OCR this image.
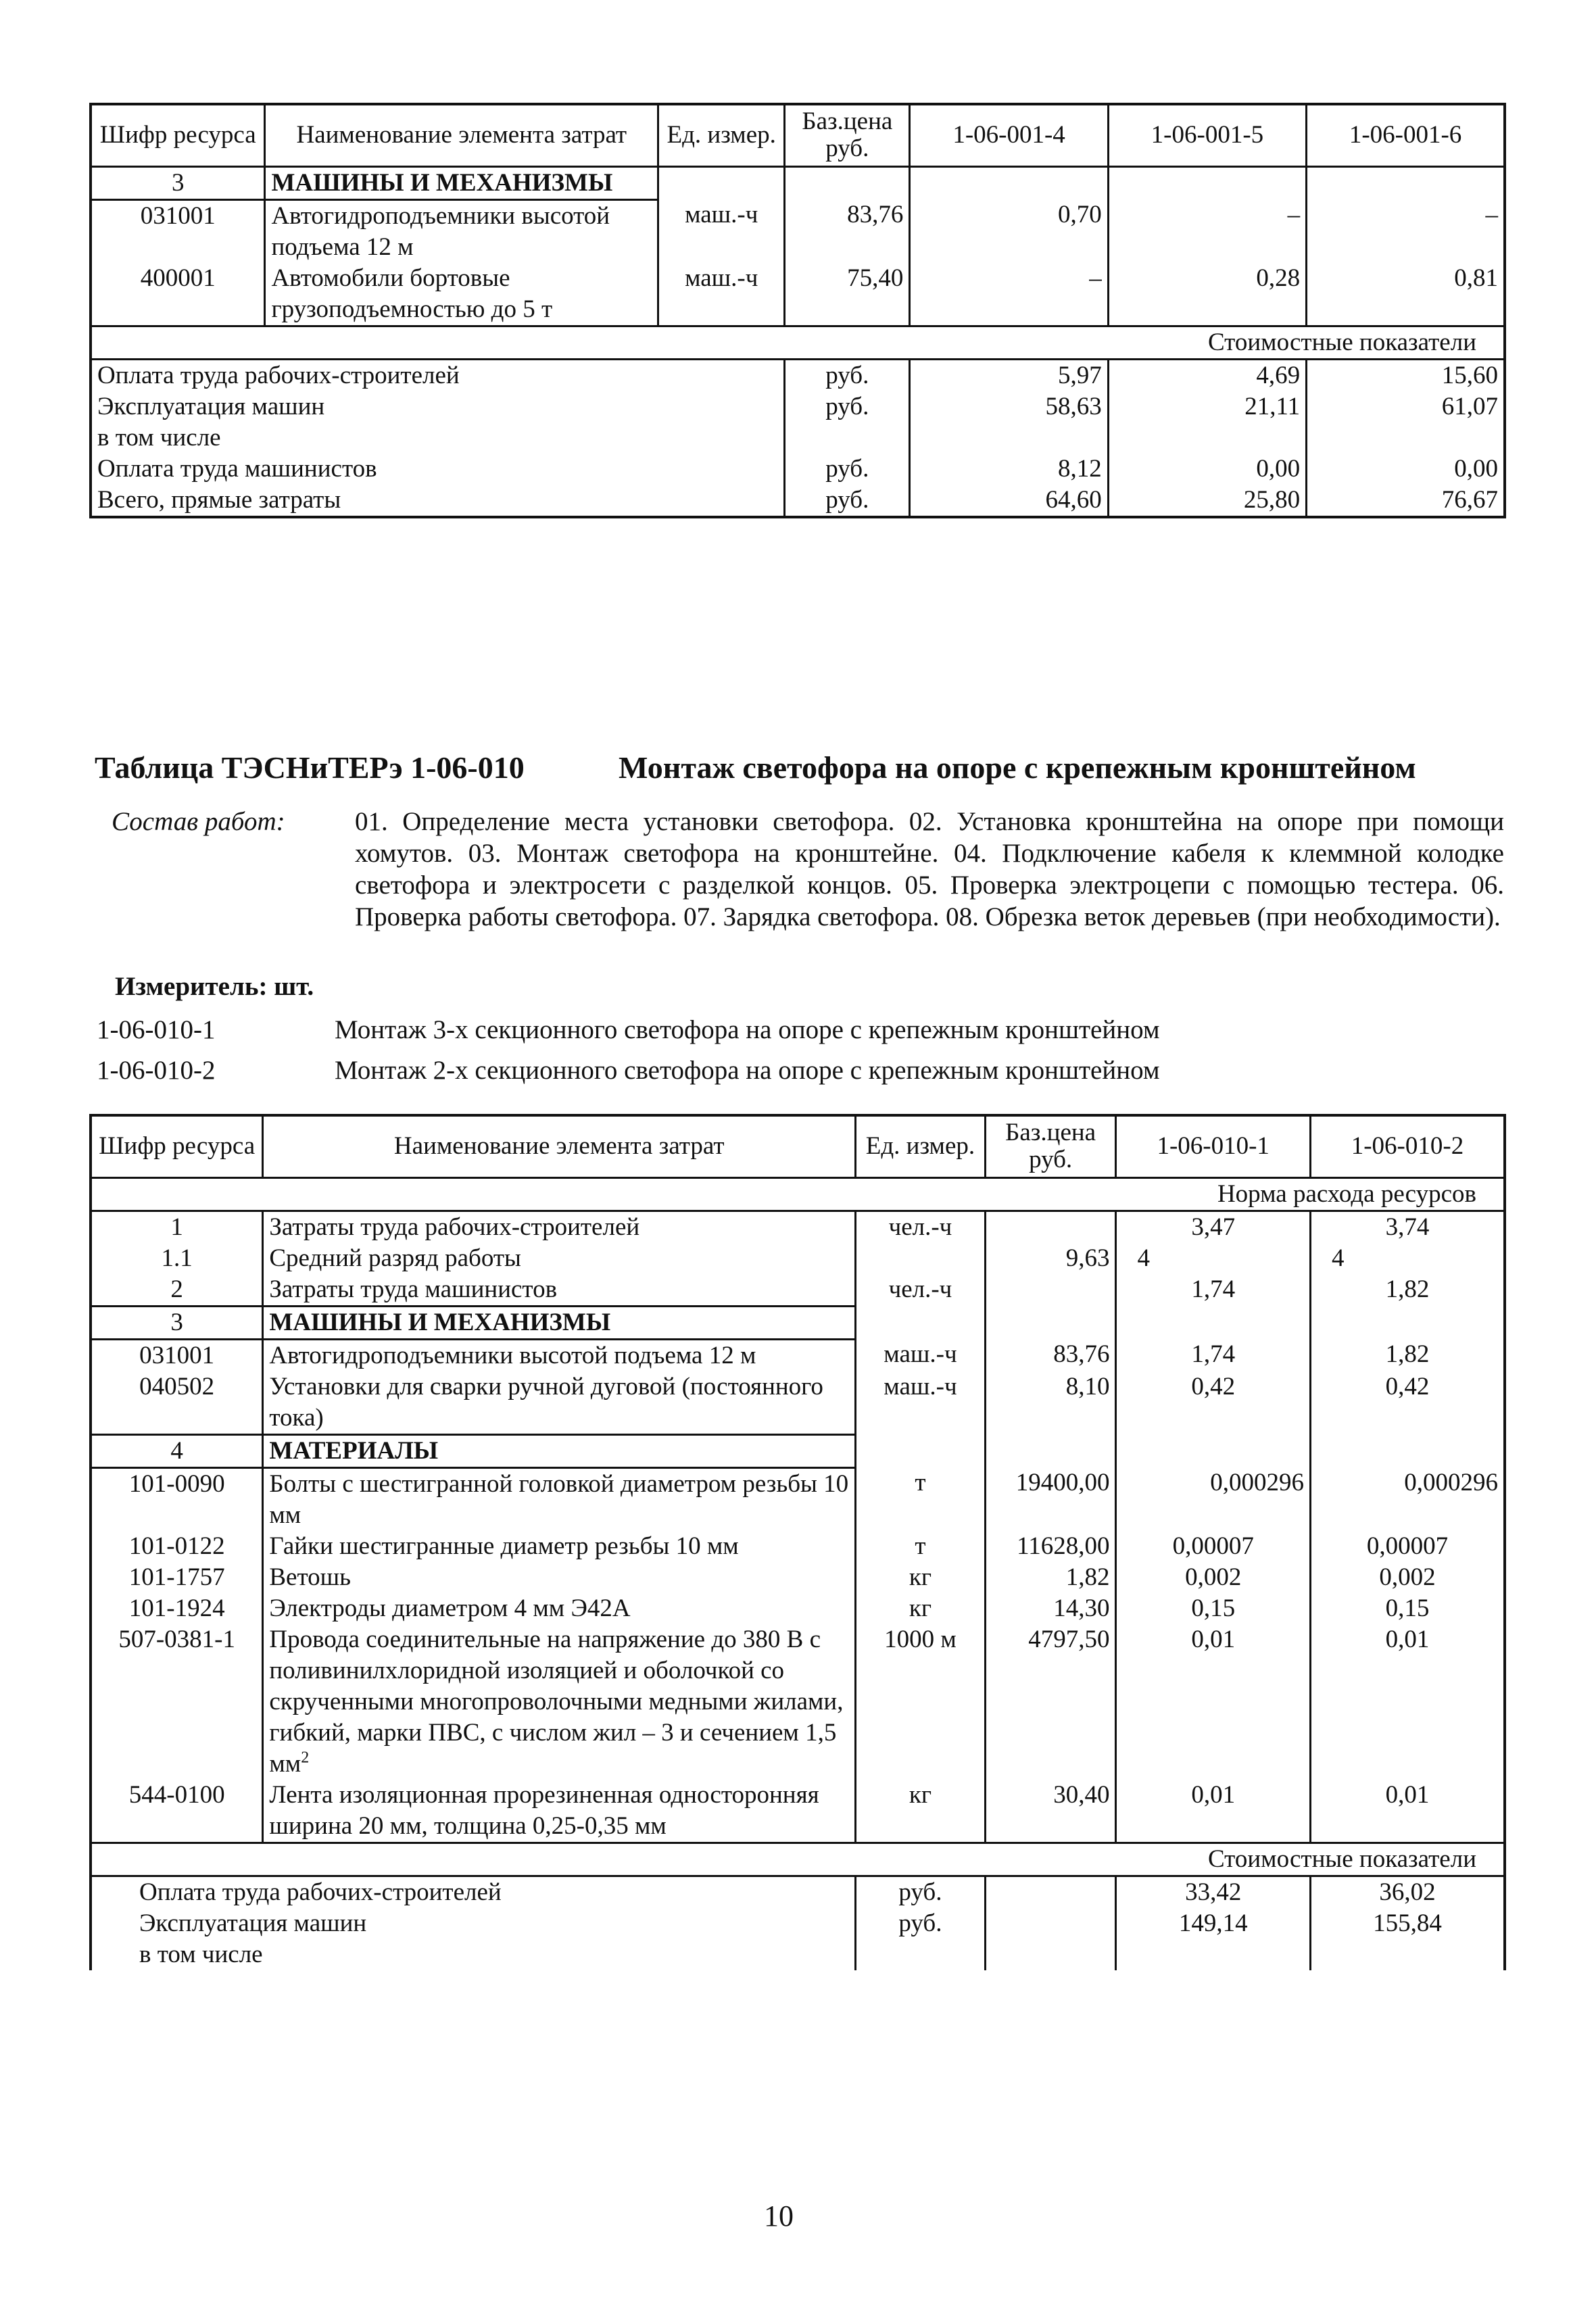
Шифр ресурса	Наименование элемента затрат	Ед. измер.	Баз.цена руб.	1-06-001-4	1-06-001-5	1-06-001-6
3	МАШИНЫ И МЕХАНИЗМЫ					
031001	Автогидроподъемники высотой подъема 12 м	маш.-ч	83,76	0,70	–	–
400001	Автомобили бортовые грузоподъемностью до 5 т	маш.-ч	75,40	–	0,28	0,81
Стоимостные показатели						
Оплата труда рабочих-строителей			руб.	5,97	4,69	15,60
Эксплуатация машин			руб.	58,63	21,11	61,07
в том числе						
Оплата труда машинистов			руб.	8,12	0,00	0,00
Всего, прямые затраты			руб.	64,60	25,80	76,67
Таблица ТЭСНиТЕРэ 1-06-010	Монтаж светофора на опоре с крепежным кронштейном
Состав работ:	01. Определение места установки светофора. 02. Установка кронштейна на опоре при помощи хомутов. 03. Монтаж светофора на кронштейне. 04. Подключение кабеля к клеммной колодке светофора и электросети с разделкой концов. 05. Проверка электроцепи с помощью тестера. 06. Проверка работы светофора. 07. Зарядка светофора. 08. Обрезка веток деревьев (при необходимости).
Измеритель: шт.
1-06-010-1	Монтаж 3-х секционного светофора на опоре с крепежным кронштейном
1-06-010-2	Монтаж 2-х секционного светофора на опоре с крепежным кронштейном
Шифр ресурса	Наименование элемента затрат	Ед. измер.	Баз.цена руб.	1-06-010-1	1-06-010-2
Норма расхода ресурсов					
1	Затраты труда рабочих-строителей	чел.-ч		3,47	3,74
1.1	Средний разряд работы		9,63	4	4
2	Затраты труда машинистов	чел.-ч		1,74	1,82
3	МАШИНЫ И МЕХАНИЗМЫ				
031001	Автогидроподъемники высотой подъема 12 м	маш.-ч	83,76	1,74	1,82
040502	Установки для сварки ручной дуговой (постоянного тока)	маш.-ч	8,10	0,42	0,42
4	МАТЕРИАЛЫ				
101-0090	Болты с шестигранной головкой диаметром резьбы 10 мм	т	19400,00	0,000296	0,000296
101-0122	Гайки шестигранные диаметр резьбы 10 мм	т	11628,00	0,00007	0,00007
101-1757	Ветошь	кг	1,82	0,002	0,002
101-1924	Электроды диаметром 4 мм Э42А	кг	14,30	0,15	0,15
507-0381-1	Провода соединительные на напряжение до 380 В с поливинилхлоридной изоляцией и оболочкой со скрученными многопроволочными медными жилами, гибкий, марки ПВС, с числом жил – 3 и сечением 1,5 $мм^2$	1000 м	4797,50	0,01	0,01
544-0100	Лента изоляционная прорезиненная односторонняя ширина 20 мм, толщина 0,25-0,35 мм	кг	30,40	0,01	0,01
Стоимостные показатели					
Оплата труда рабочих-строителей		руб.		33,42	36,02
Эксплуатация машин		руб.		149,14	155,84
в том числе					
10
